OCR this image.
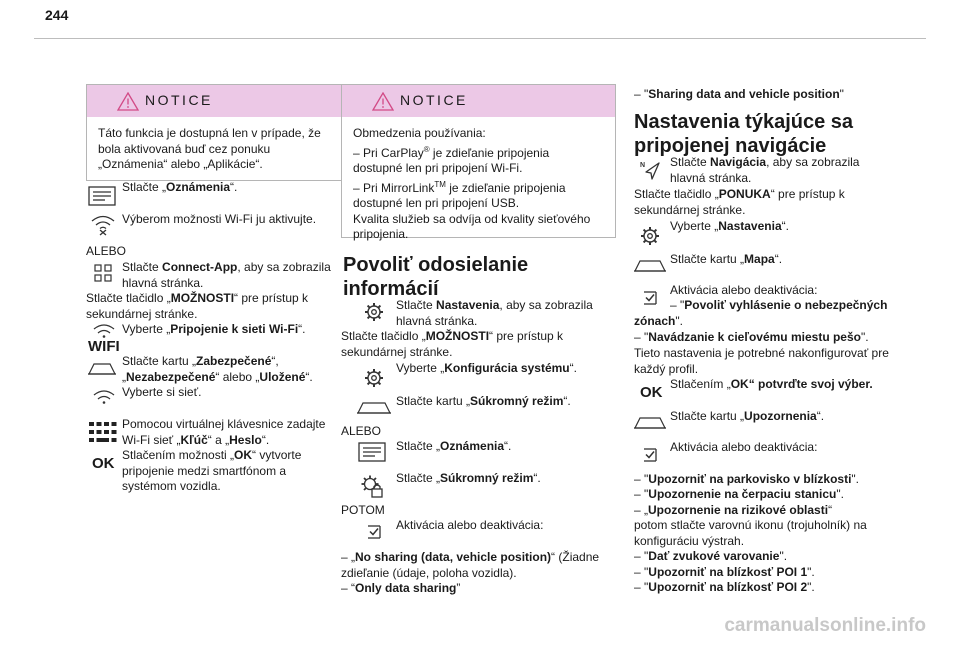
244
NOTICE
Táto funkcia je dostupná len v prípade, že bola aktivovaná buď cez ponuku „Oznámenia“ alebo „Aplikácie“.
Stlačte „Oznámenia“.
Výberom možnosti Wi-Fi ju aktivujte.
ALEBO
Stlačte Connect-App, aby sa zobrazila hlavná stránka.
Stlačte tlačidlo „MOŽNOSTI“ pre prístup k sekundárnej stránke.
Vyberte „Pripojenie k sieti Wi-Fi“.
WIFI
Stlačte kartu „Zabezpečené“, „Nezabezpečené“ alebo „Uložené“.
Vyberte si sieť.
Pomocou virtuálnej klávesnice zadajte Wi-Fi sieť „Kľúč“ a „Heslo“.
OK Stlačením možnosti „OK“ vytvorte pripojenie medzi smartfónom a systémom vozidla.
NOTICE
Obmedzenia používania:
– Pri CarPlay® je zdieľanie pripojenia dostupné len pri pripojení Wi-Fi.
– Pri MirrorLink™ je zdieľanie pripojenia dostupné len pri pripojení USB.
Kvalita služieb sa odvíja od kvality sieťového pripojenia.
Povoliť odosielanie informácií
Stlačte Nastavenia, aby sa zobrazila hlavná stránka.
Stlačte tlačidlo „MOŽNOSTI“ pre prístup k sekundárnej stránke.
Vyberte „Konfigurácia systému“.
Stlačte kartu „Súkromný režim“.
ALEBO
Stlačte „Oznámenia“.
Stlačte „Súkromný režim“.
POTOM
Aktivácia alebo deaktivácia:
– „No sharing (data, vehicle position)“ (Žiadne zdieľanie (údaje, poloha vozidla).
– “Only data sharing”
– "Sharing data and vehicle position"
Nastavenia týkajúce sa pripojenej navigácie
N Stlačte Navigácia, aby sa zobrazila hlavná stránka.
Stlačte tlačidlo „PONUKA“ pre prístup k sekundárnej stránke.
Vyberte „Nastavenia“.
Stlačte kartu „Mapa“.
Aktivácia alebo deaktivácia:
– "Povoliť vyhlásenie o nebezpečných zónach".
– "Navádzanie k cieľovému miestu pešo".
Tieto nastavenia je potrebné nakonfigurovať pre každý profil.
OK Stlačením „OK“ potvrďte svoj výber.
Stlačte kartu „Upozornenia“.
Aktivácia alebo deaktivácia:
– "Upozorniť na parkovisko v blízkosti".
– "Upozornenie na čerpaciu stanicu".
– „Upozornenie na rizikové oblasti“
potom stlačte varovnú ikonu (trojuholník) na konfiguráciu výstrah.
– "Dať zvukové varovanie".
– "Upozorniť na blízkosť POI 1".
– "Upozorniť na blízkosť POI 2".
carmanualsonline.info
